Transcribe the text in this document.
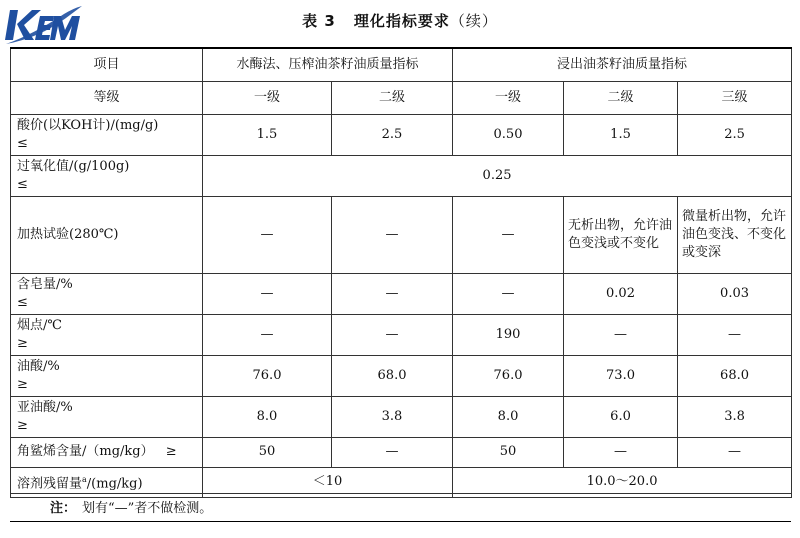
表 3 理化指标要求（续）
项目	水酶法、压榨油茶籽油质量指标		浸出油茶籽油质量指标		
等级	一级	二级	一级	二级	三级

酸价(以KOH计)/(mg/g)
≤	1.5	2.5	0.50	1.5	2.5

过氧化值/(g/100g)
≤	0.25				
加热试验(280℃)	—	—	—	无析出物，允许油色变浅或不变化	微量析出物，允许油色变浅、不变化或变深

含皂量/%
≤	—	—	—	0.02	0.03

烟点/℃
≥	—	—	190	—	—

油酸/%
≥	76.0	68.0	76.0	73.0	68.0

亚油酸/%
≥	8.0	3.8	8.0	6.0	3.8
角鲨烯含量/（mg/kg） ≥	50	—	50	—	—
溶剂残留量$^a$/(mg/kg)	＜10		10.0～20.0		
注： 划有“—”者不做检测。
